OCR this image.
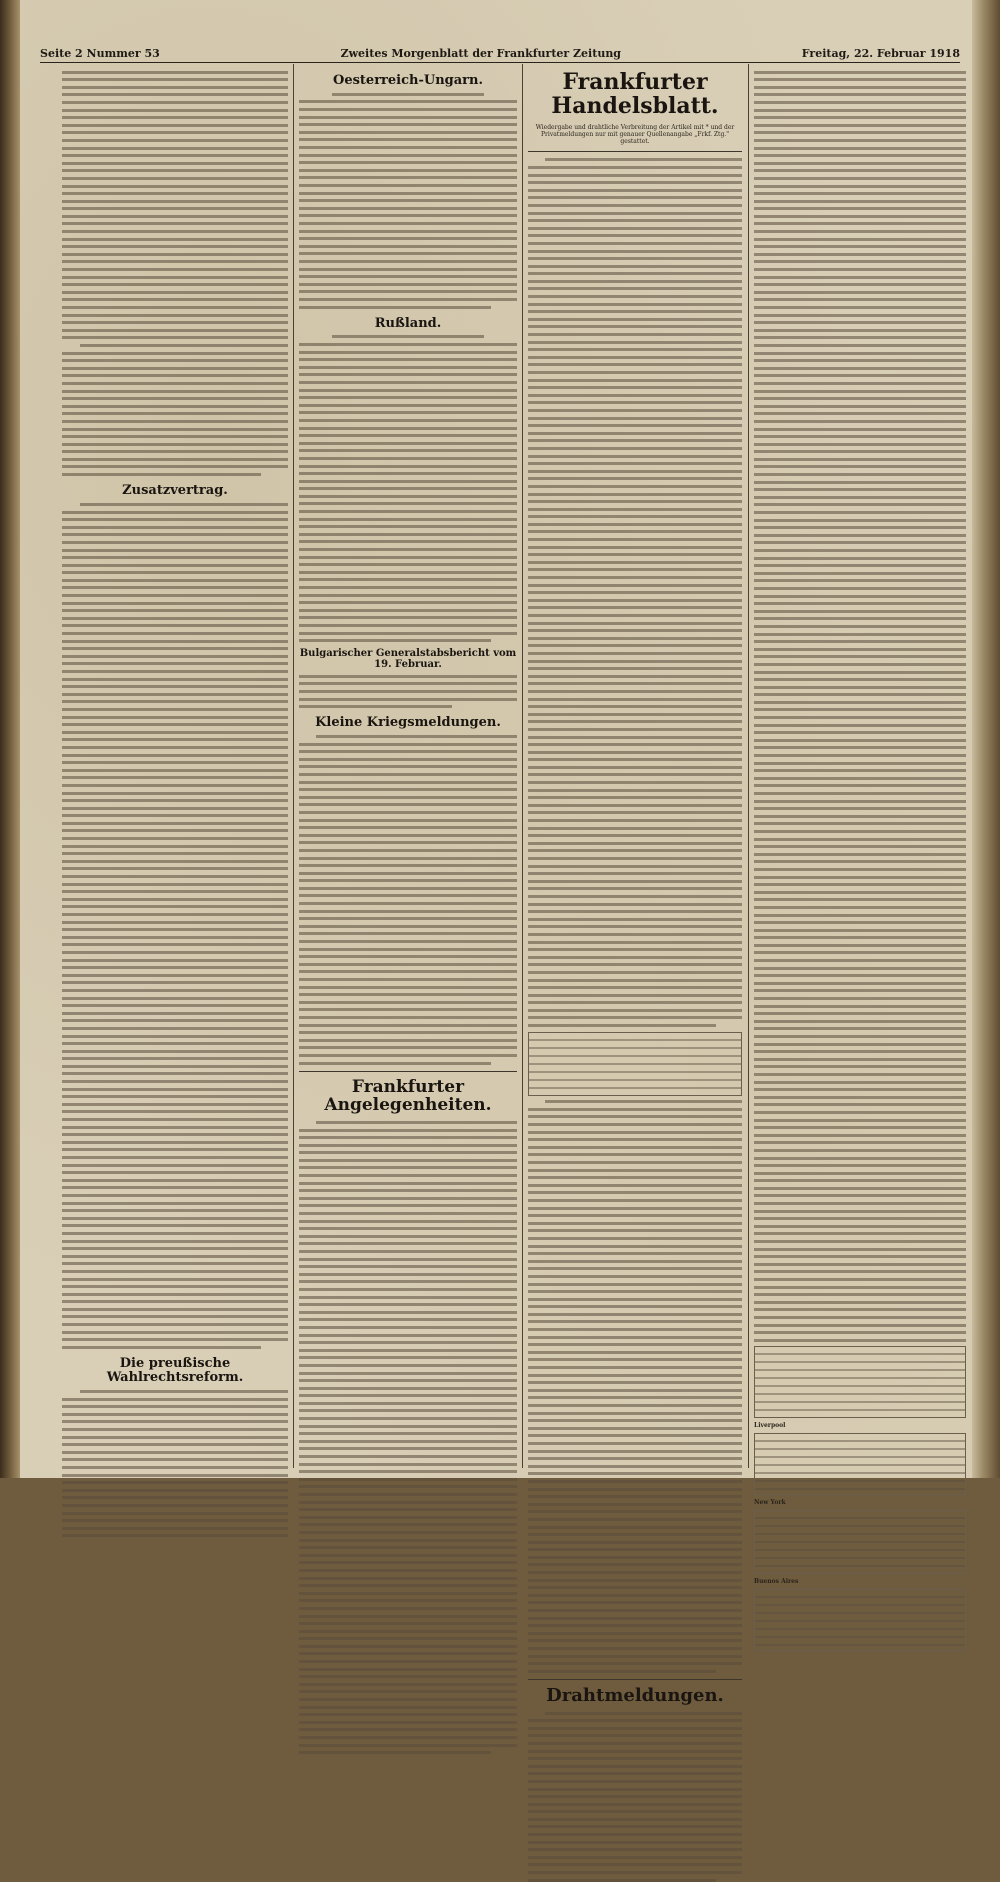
Seite 2 Nummer 53	Zweites Morgenblatt der Frankfurter Zeitung	Freitag, 22. Februar 1918
Zusatzvertrag.
Die preußische Wahlrechtsreform.
Oesterreich-Ungarn.
Rußland.
Bulgarischer Generalstabsbericht vom 19. Februar.
Kleine Kriegsmeldungen.
Frankfurter Angelegenheiten.
Frankfurter Handelsblatt.
Wiedergabe und drahtliche Verbreitung der Artikel mit * und der Privatmeldungen nur mit genauer Quellenangabe „Frkf. Ztg." gestattet.
Drahtmeldungen.
Liverpool
New York
Buenos Aires
